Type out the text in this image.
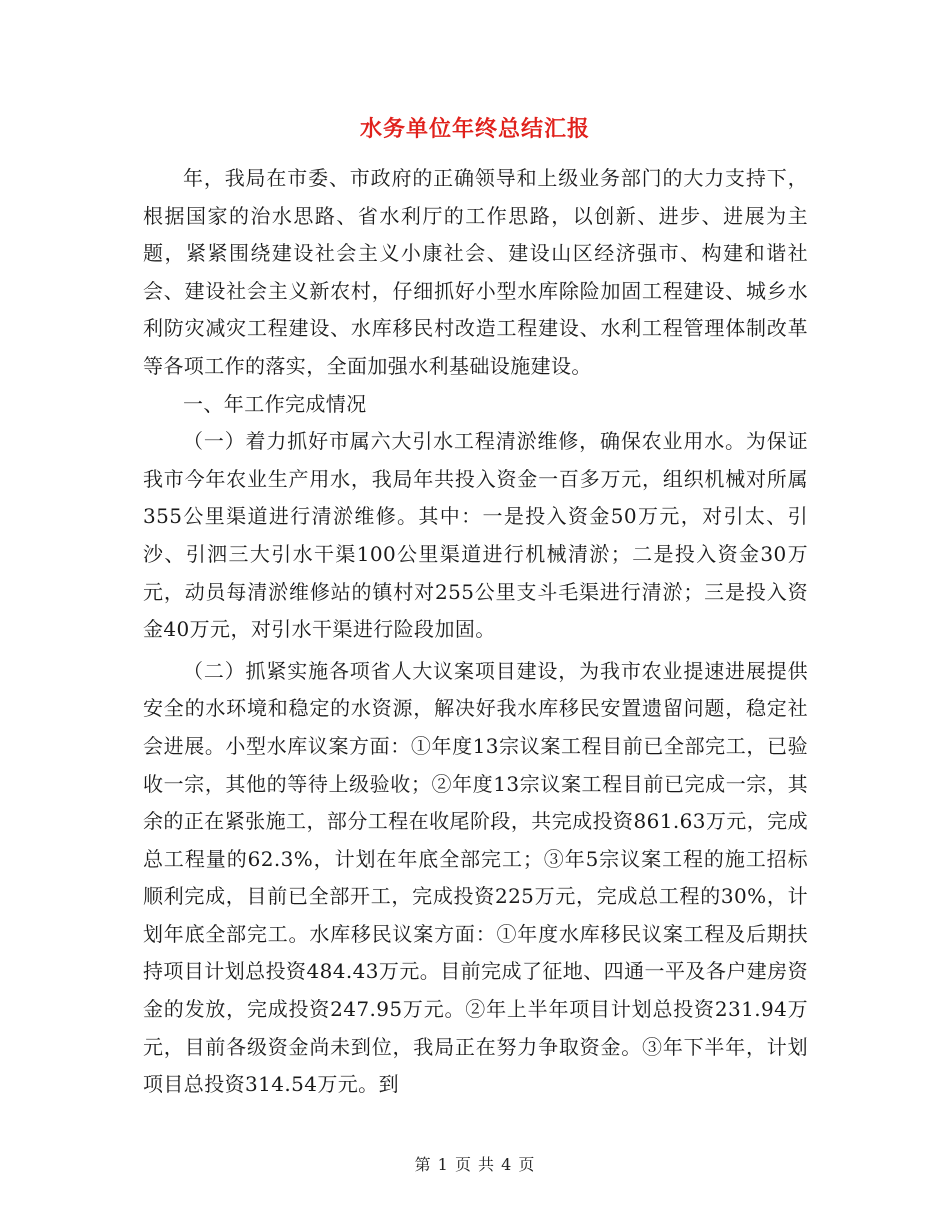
水务单位年终总结汇报

年，我局在市委、市政府的正确领导和上级业务部门的大力支持下，根据国家的治水思路、省水利厅的工作思路，以创新、进步、进展为主题，紧紧围绕建设社会主义小康社会、建设山区经济强市、构建和谐社会、建设社会主义新农村，仔细抓好小型水库除险加固工程建设、城乡水利防灾减灾工程建设、水库移民村改造工程建设、水利工程管理体制改革等各项工作的落实，全面加强水利基础设施建设。

一、年工作完成情况

（一）着力抓好市属六大引水工程清淤维修，确保农业用水。为保证我市今年农业生产用水，我局年共投入资金一百多万元，组织机械对所属355公里渠道进行清淤维修。其中：一是投入资金50万元，对引太、引沙、引泗三大引水干渠100公里渠道进行机械清淤；二是投入资金30万元，动员每清淤维修站的镇村对255公里支斗毛渠进行清淤；三是投入资金40万元，对引水干渠进行险段加固。

（二）抓紧实施各项省人大议案项目建设，为我市农业提速进展提供安全的水环境和稳定的水资源，解决好我水库移民安置遗留问题，稳定社会进展。小型水库议案方面：①年度13宗议案工程目前已全部完工，已验收一宗，其他的等待上级验收；②年度13宗议案工程目前已完成一宗，其余的正在紧张施工，部分工程在收尾阶段，共完成投资861.63万元，完成总工程量的62.3%，计划在年底全部完工；③年5宗议案工程的施工招标顺利完成，目前已全部开工，完成投资225万元，完成总工程的30%，计划年底全部完工。水库移民议案方面：①年度水库移民议案工程及后期扶持项目计划总投资484.43万元。目前完成了征地、四通一平及各户建房资金的发放，完成投资247.95万元。②年上半年项目计划总投资231.94万元，目前各级资金尚未到位，我局正在努力争取资金。③年下半年，计划项目总投资314.54万元。到

第 1 页 共 4 页
